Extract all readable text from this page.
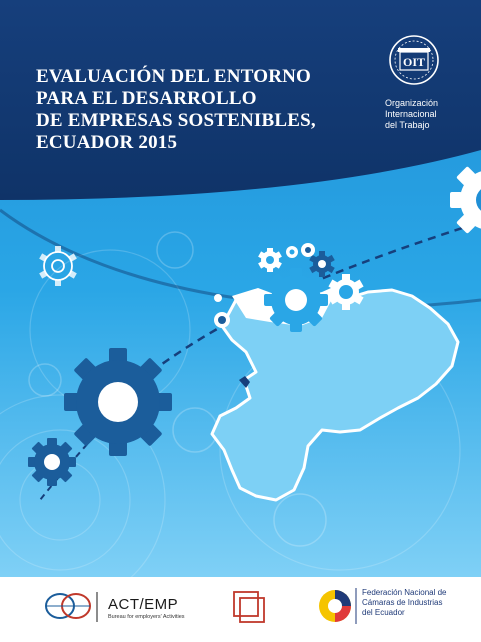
OIT
EVALUACIÓN DEL ENTORNO
PARA EL DESARROLLO
DE EMPRESAS SOSTENIBLES,
ECUADOR 2015
Organización
Internacional
del Trabajo
ACT/EMP
Bureau for employers' Activities
Federación Nacional de
Cámaras de Industrias
del Ecuador
